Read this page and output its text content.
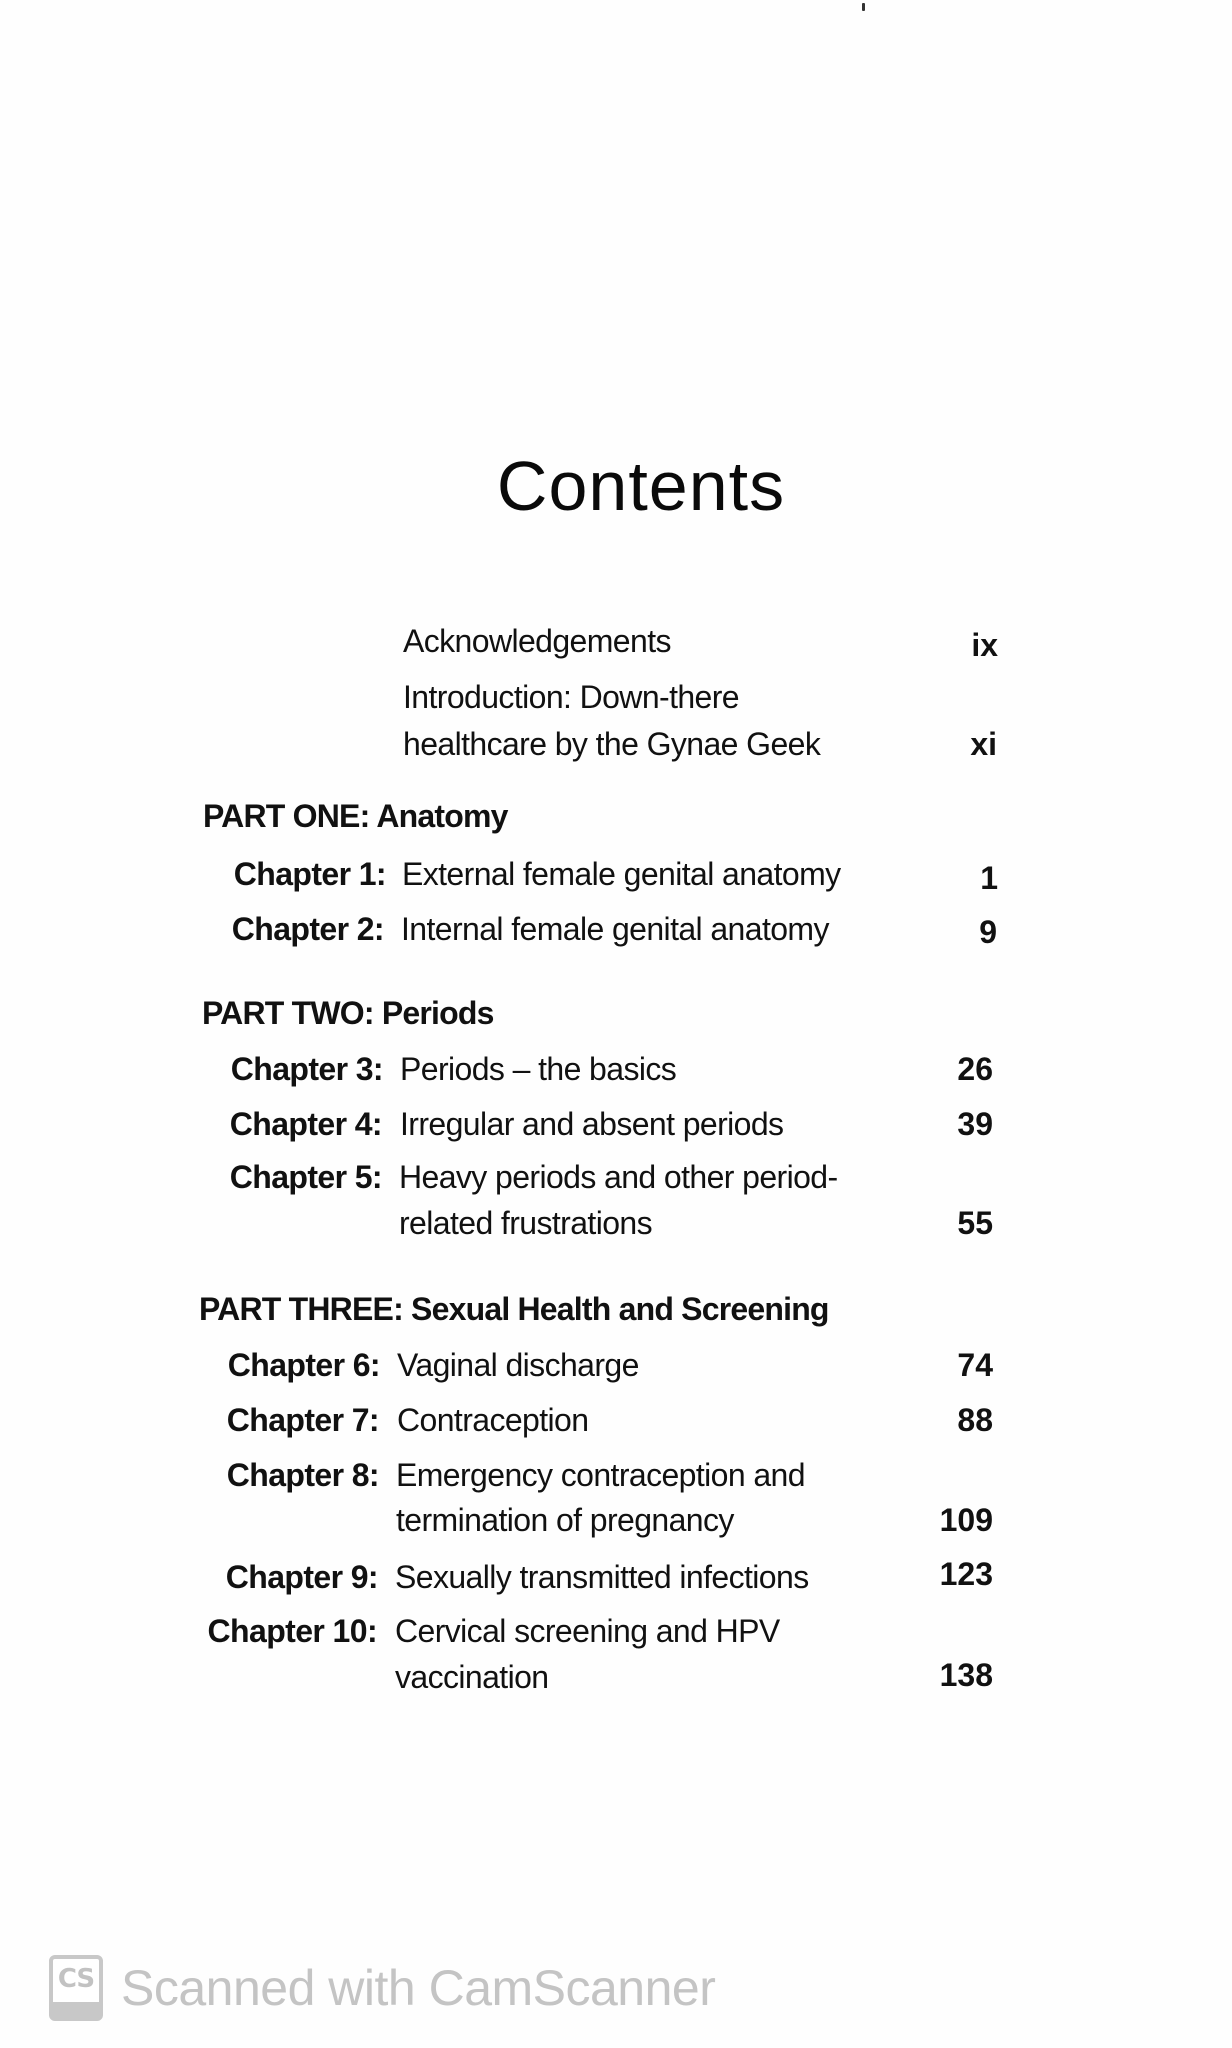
Contents
Acknowledgements	ix
Introduction: Down-there
healthcare by the Gynae Geek	xi
PART ONE: Anatomy
Chapter 1: External female genital anatomy	1
Chapter 2: Internal female genital anatomy	9
PART TWO: Periods
Chapter 3: Periods – the basics	26
Chapter 4: Irregular and absent periods	39
Chapter 5: Heavy periods and other period-
related frustrations	55
PART THREE: Sexual Health and Screening
Chapter 6: Vaginal discharge	74
Chapter 7: Contraception	88
Chapter 8: Emergency contraception and
termination of pregnancy	109
Chapter 9: Sexually transmitted infections	123
Chapter 10: Cervical screening and HPV
vaccination	138
CS Scanned with CamScanner
